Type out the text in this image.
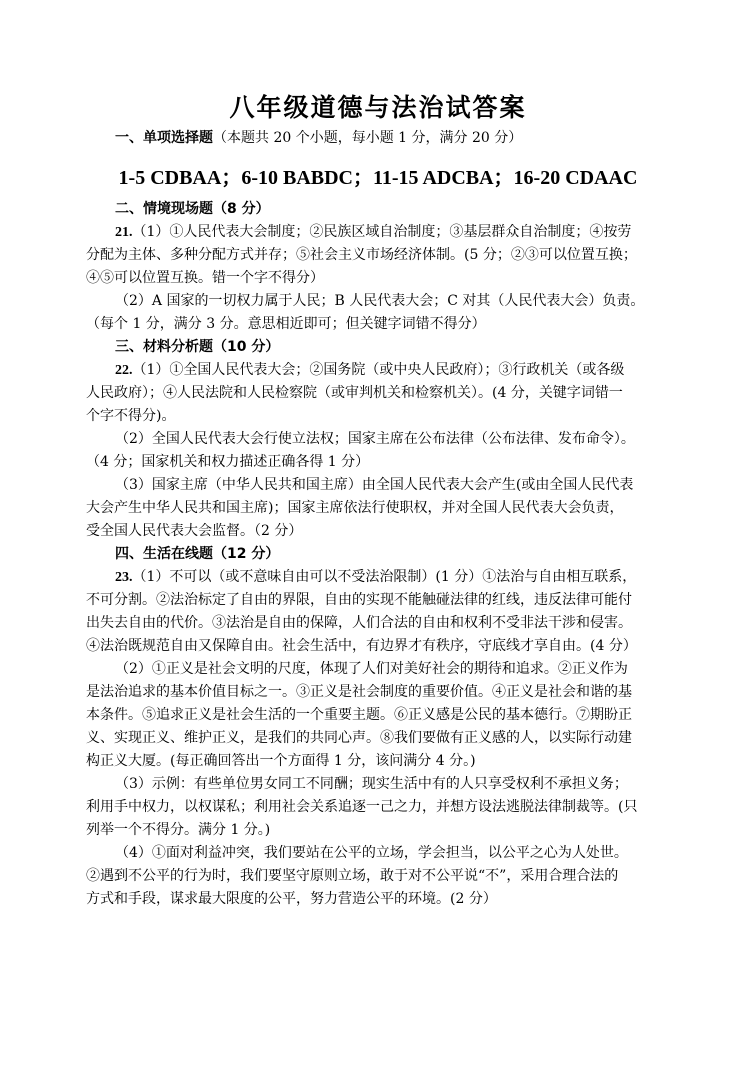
八年级道德与法治试答案
一、单项选择题（本题共 20 个小题，每小题 1 分，满分 20 分）
1-5 CDBAA；6-10 BABDC；11-15 ADCBA；16-20 CDAAC
二、情境现场题（8 分）
21.（1）①人民代表大会制度；②民族区域自治制度；③基层群众自治制度；④按劳
分配为主体、多种分配方式并存；⑤社会主义市场经济体制。(5 分；②③可以位置互换；
④⑤可以位置互换。错一个字不得分）
（2）A 国家的一切权力属于人民；B 人民代表大会；C 对其（人民代表大会）负责。
（每个 1 分，满分 3 分。意思相近即可；但关键字词错不得分）
三、材料分析题（10 分）
22.（1）①全国人民代表大会；②国务院（或中央人民政府）；③行政机关（或各级
人民政府）；④人民法院和人民检察院（或审判机关和检察机关）。(4 分，关键字词错一
个字不得分)。
（2）全国人民代表大会行使立法权；国家主席在公布法律（公布法律、发布命令）。
（4 分；国家机关和权力描述正确各得 1 分）
（3）国家主席（中华人民共和国主席）由全国人民代表大会产生(或由全国人民代表
大会产生中华人民共和国主席)；国家主席依法行使职权，并对全国人民代表大会负责，
受全国人民代表大会监督。（2 分）
四、生活在线题（12 分）
23.（1）不可以（或不意味自由可以不受法治限制）(1 分）①法治与自由相互联系，
不可分割。②法治标定了自由的界限，自由的实现不能触碰法律的红线，违反法律可能付
出失去自由的代价。③法治是自由的保障，人们合法的自由和权利不受非法干涉和侵害。
④法治既规范自由又保障自由。社会生活中，有边界才有秩序，守底线才享自由。(4 分）
（2）①正义是社会文明的尺度，体现了人们对美好社会的期待和追求。②正义作为
是法治追求的基本价值目标之一。③正义是社会制度的重要价值。④正义是社会和谐的基
本条件。⑤追求正义是社会生活的一个重要主题。⑥正义感是公民的基本德行。⑦期盼正
义、实现正义、维护正义，是我们的共同心声。⑧我们要做有正义感的人，以实际行动建
构正义大厦。(每正确回答出一个方面得 1 分，该问满分 4 分。)
（3）示例：有些单位男女同工不同酬；现实生活中有的人只享受权利不承担义务；
利用手中权力，以权谋私；利用社会关系追逐一己之力，并想方设法逃脱法律制裁等。(只
列举一个不得分。满分 1 分。)
（4）①面对利益冲突，我们要站在公平的立场，学会担当，以公平之心为人处世。
②遇到不公平的行为时，我们要坚守原则立场，敢于对不公平说“不”，采用合理合法的
方式和手段，谋求最大限度的公平，努力营造公平的环境。(2 分）
